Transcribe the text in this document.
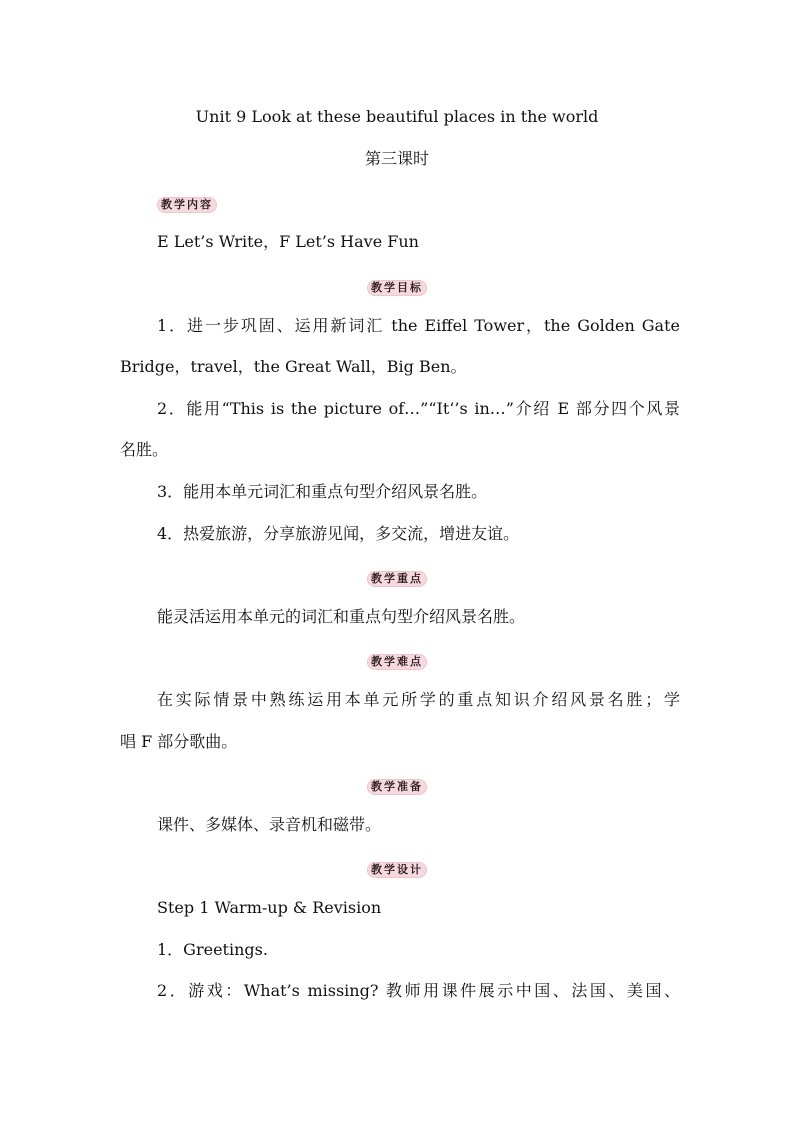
Unit 9 Look at these beautiful places in the world
第三课时
教学内容
E Let’s Write，F Let’s Have Fun
教学目标
1．进一步巩固、运用新词汇 the Eiffel Tower，the Golden Gate
Bridge，travel，the Great Wall，Big Ben。
2．能用“This is the picture of…”“It‘’s in…”介绍 E 部分四个风景
名胜。
3．能用本单元词汇和重点句型介绍风景名胜。
4．热爱旅游，分享旅游见闻，多交流，增进友谊。
教学重点
能灵活运用本单元的词汇和重点句型介绍风景名胜。
教学难点
在实际情景中熟练运用本单元所学的重点知识介绍风景名胜；学
唱 F 部分歌曲。
教学准备
课件、多媒体、录音机和磁带。
教学设计
Step 1 Warm-up & Revision
1．Greetings.
2．游戏：What’s missing? 教师用课件展示中国、法国、美国、
